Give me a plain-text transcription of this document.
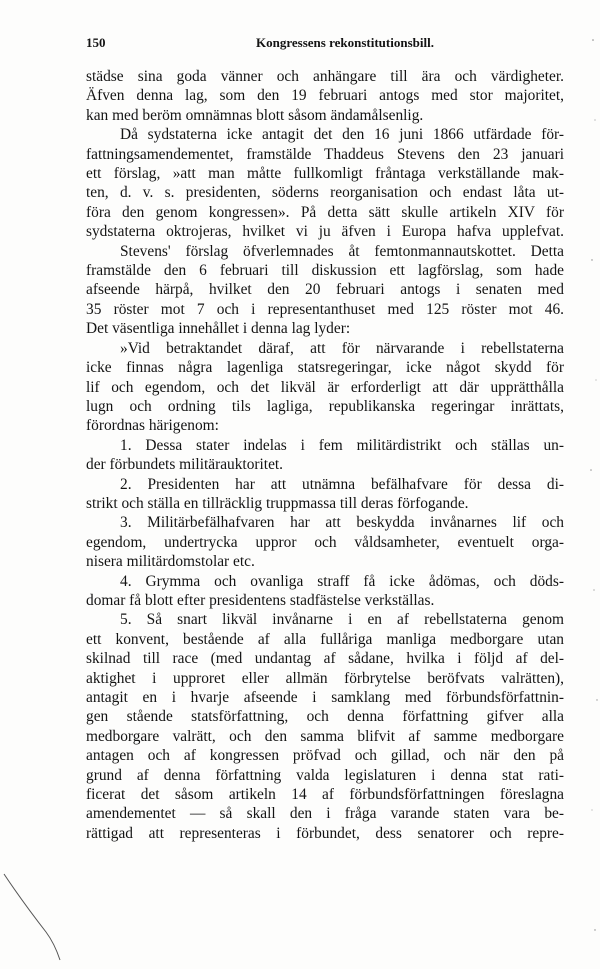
150	Kongressens rekonstitutionsbill.
städse sina goda vänner och anhängare till ära och värdigheter.
Äfven denna lag, som den 19 februari antogs med stor majoritet,
kan med beröm omnämnas blott såsom ändamålsenlig.
Då sydstaterna icke antagit det den 16 juni 1866 utfärdade för-
fattningsamendementet, framstälde Thaddeus Stevens den 23 januari
ett förslag, »att man måtte fullkomligt fråntaga verkställande mak-
ten, d. v. s. presidenten, söderns reorganisation och endast låta ut-
föra den genom kongressen». På detta sätt skulle artikeln XIV för
sydstaterna oktrojeras, hvilket vi ju äfven i Europa hafva upplefvat.
Stevens' förslag öfverlemnades åt femtonmannautskottet. Detta
framstälde den 6 februari till diskussion ett lagförslag, som hade
afseende härpå, hvilket den 20 februari antogs i senaten med
35 röster mot 7 och i representanthuset med 125 röster mot 46.
Det väsentliga innehållet i denna lag lyder:
»Vid betraktandet däraf, att för närvarande i rebellstaterna
icke finnas några lagenliga statsregeringar, icke något skydd för
lif och egendom, och det likväl är erforderligt att där upprätthålla
lugn och ordning tils lagliga, republikanska regeringar inrättats,
förordnas härigenom:
1. Dessa stater indelas i fem militärdistrikt och ställas un-
der förbundets militärauktoritet.
2. Presidenten har att utnämna befälhafvare för dessa di-
strikt och ställa en tillräcklig truppmassa till deras förfogande.
3. Militärbefälhafvaren har att beskydda invånarnes lif och
egendom, undertrycka uppror och våldsamheter, eventuelt orga-
nisera militärdomstolar etc.
4. Grymma och ovanliga straff få icke ådömas, och döds-
domar få blott efter presidentens stadfästelse verkställas.
5. Så snart likväl invånarne i en af rebellstaterna genom
ett konvent, bestående af alla fullåriga manliga medborgare utan
skilnad till race (med undantag af sådane, hvilka i följd af del-
aktighet i upproret eller allmän förbrytelse beröfvats valrätten),
antagit en i hvarje afseende i samklang med förbundsförfattnin-
gen stående statsförfattning, och denna författning gifver alla
medborgare valrätt, och den samma blifvit af samme medborgare
antagen och af kongressen pröfvad och gillad, och när den på
grund af denna författning valda legislaturen i denna stat rati-
ficerat det såsom artikeln 14 af förbundsförfattningen föreslagna
amendementet — så skall den i fråga varande staten vara be-
rättigad att representeras i förbundet, dess senatorer och repre-
